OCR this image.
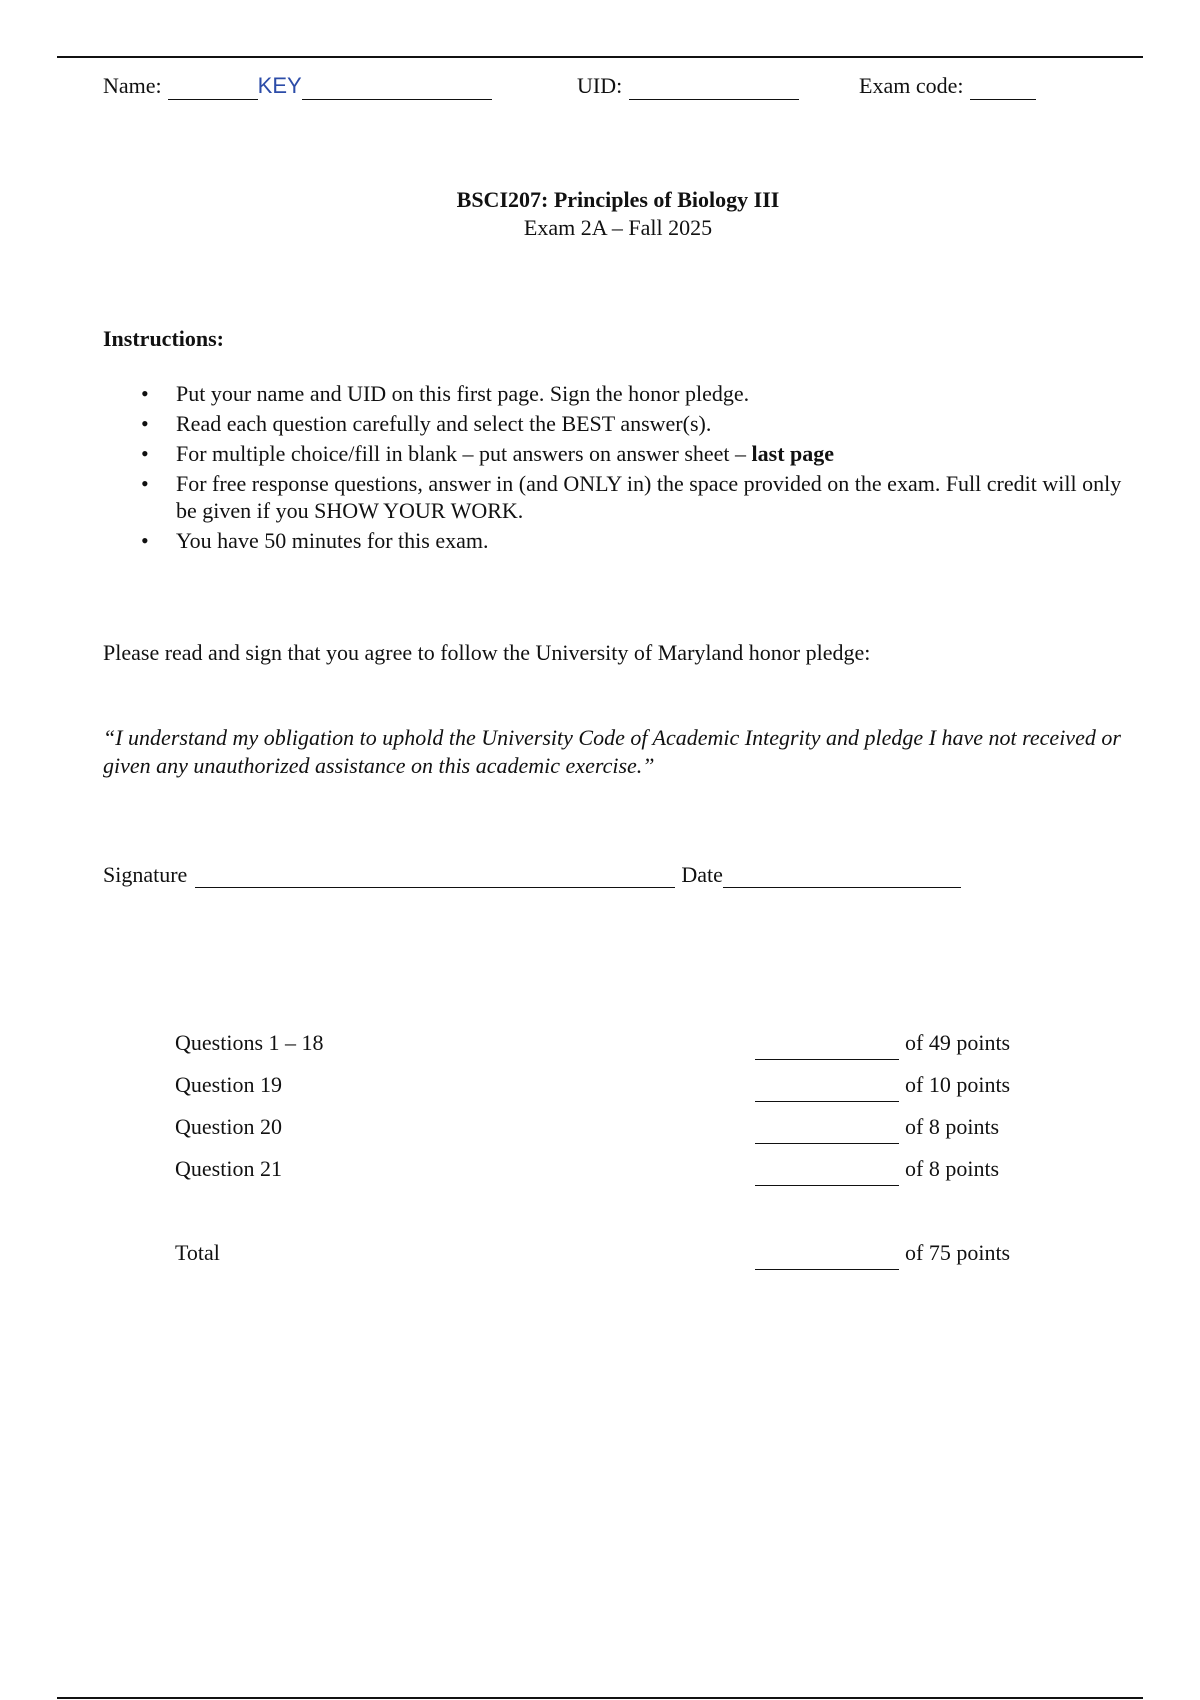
Name:	KEY	UID:	Exam code:
BSCI207: Principles of Biology III
Exam 2A – Fall 2025
Instructions:
• Put your name and UID on this first page. Sign the honor pledge.
• Read each question carefully and select the BEST answer(s).
• For multiple choice/fill in blank – put answers on answer sheet – last page
• For free response questions, answer in (and ONLY in) the space provided on the exam. Full credit will only be given if you SHOW YOUR WORK.
• You have 50 minutes for this exam.
Please read and sign that you agree to follow the University of Maryland honor pledge:
“I understand my obligation to uphold the University Code of Academic Integrity and pledge I have not received or given any unauthorized assistance on this academic exercise.”
Signature	Date
Questions 1 – 18	of 49 points
Question 19	of 10 points
Question 20	of 8 points
Question 21	of 8 points
Total	of 75 points
